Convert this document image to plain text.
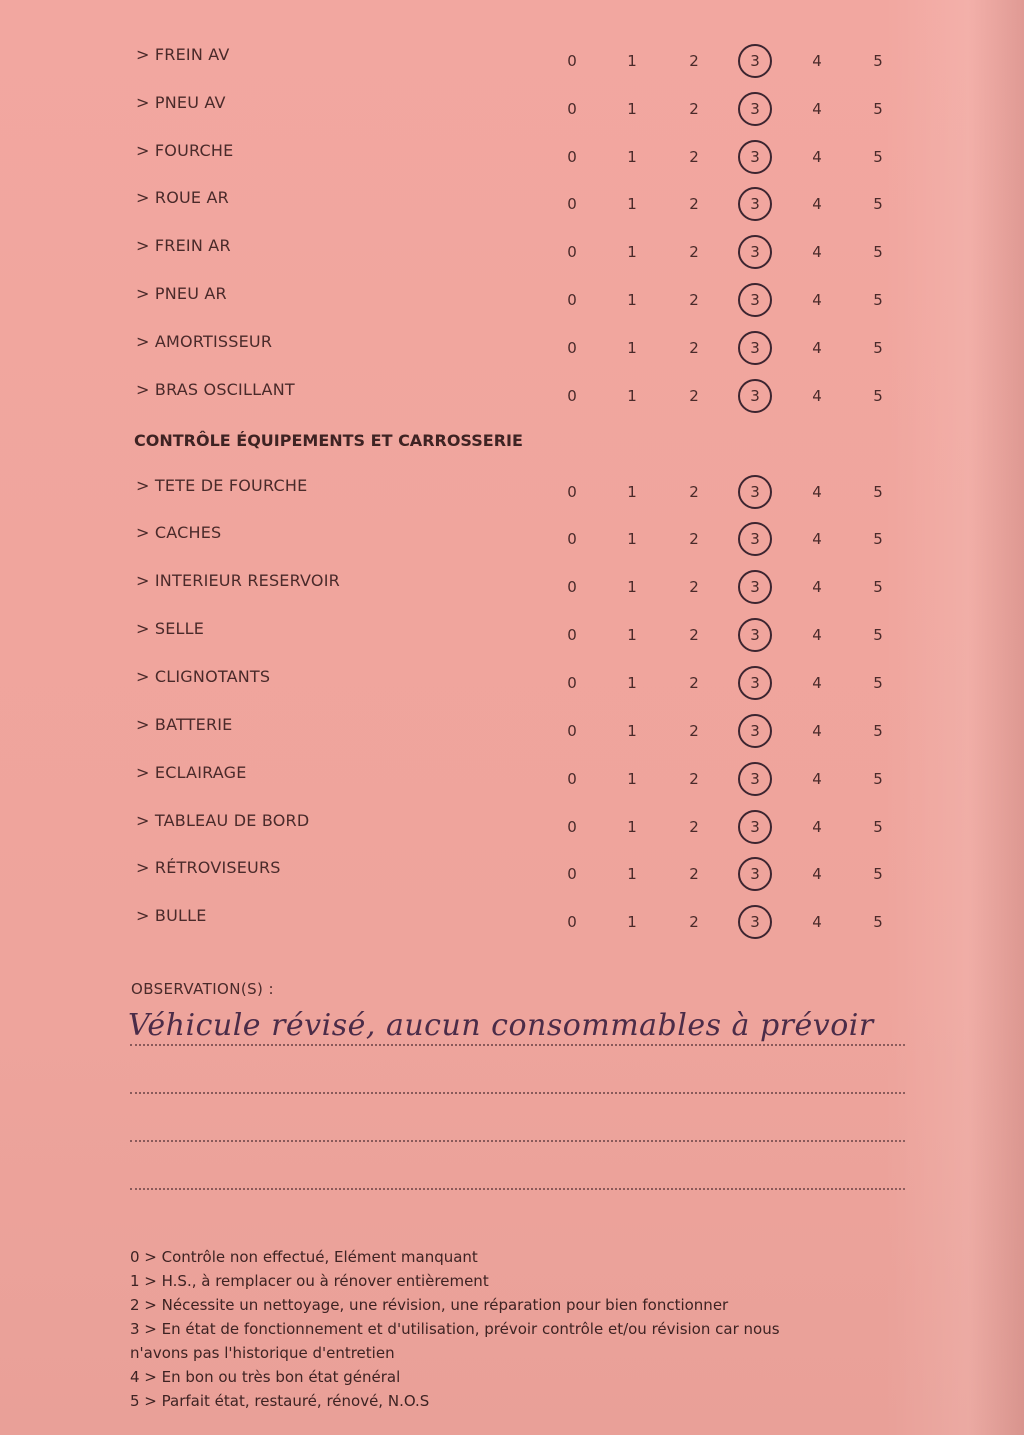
> FREIN AV	0	1	2	3	4	5
> PNEU AV	0	1	2	3	4	5
> FOURCHE	0	1	2	3	4	5
> ROUE AR	0	1	2	3	4	5
> FREIN AR	0	1	2	3	4	5
> PNEU AR	0	1	2	3	4	5
> AMORTISSEUR	0	1	2	3	4	5
> BRAS OSCILLANT	0	1	2	3	4	5
> TETE DE FOURCHE	0	1	2	3	4	5
> CACHES	0	1	2	3	4	5
> INTERIEUR RESERVOIR	0	1	2	3	4	5
> SELLE	0	1	2	3	4	5
> CLIGNOTANTS	0	1	2	3	4	5
> BATTERIE	0	1	2	3	4	5
> ECLAIRAGE	0	1	2	3	4	5
> TABLEAU DE BORD	0	1	2	3	4	5
> RÉTROVISEURS	0	1	2	3	4	5
> BULLE	0	1	2	3	4	5
CONTRÔLE ÉQUIPEMENTS ET CARROSSERIE
OBSERVATION(S) :
Véhicule révisé, aucun consommables à prévoir
0 > Contrôle non effectué, Elément manquant
1 > H.S., à remplacer ou à rénover entièrement
2 > Nécessite un nettoyage, une révision, une réparation pour bien fonctionner
3 > En état de fonctionnement et d'utilisation, prévoir contrôle et/ou révision car nous
n'avons pas l'historique d'entretien
4 > En bon ou très bon état général
5 > Parfait état, restauré, rénové, N.O.S
